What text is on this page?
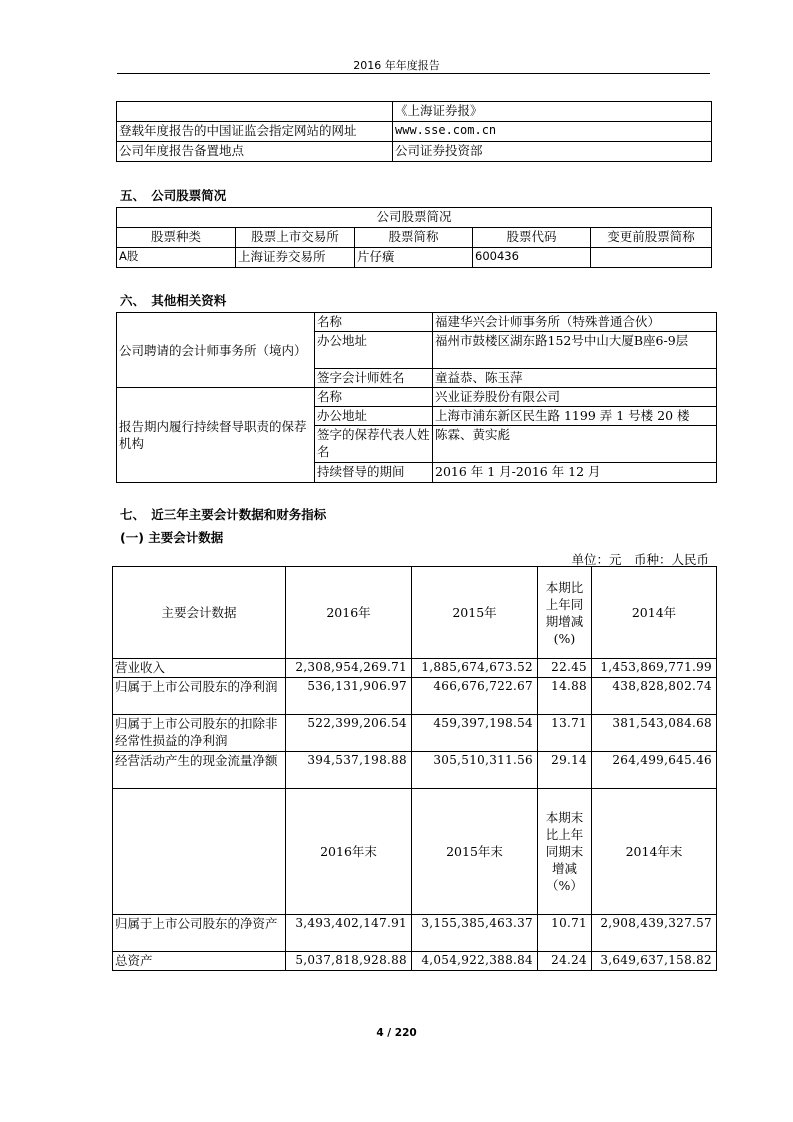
2016 年年度报告
	《上海证券报》
登载年度报告的中国证监会指定网站的网址	www.sse.com.cn
公司年度报告备置地点	公司证券投资部
五、　公司股票简况
公司股票简况				
股票种类	股票上市交易所	股票简称	股票代码	变更前股票简称
A股	上海证券交易所	片仔癀	600436	
六、　其他相关资料
公司聘请的会计师事务所（境内）	名称	福建华兴会计师事务所（特殊普通合伙）
	办公地址	福州市鼓楼区湖东路152号中山大厦B座6-9层
	签字会计师姓名	童益恭、陈玉萍
报告期内履行持续督导职责的保荐机构	名称	兴业证券股份有限公司
	办公地址	上海市浦东新区民生路 1199 弄 1 号楼 20 楼
	签字的保荐代表人姓名	陈霖、黄实彪
	持续督导的期间	2016 年 1 月-2016 年 12 月
七、　近三年主要会计数据和财务指标
(一) 主要会计数据
单位：元　币种：人民币
主要会计数据	2016年	2015年	本期比上年同期增减(%)	2014年
营业收入	2,308,954,269.71	1,885,674,673.52	22.45	1,453,869,771.99
归属于上市公司股东的净利润	536,131,906.97	466,676,722.67	14.88	438,828,802.74
归属于上市公司股东的扣除非经常性损益的净利润	522,399,206.54	459,397,198.54	13.71	381,543,084.68
经营活动产生的现金流量净额	394,537,198.88	305,510,311.56	29.14	264,499,645.46
	2016年末	2015年末	本期末比上年同期末增减（%）	2014年末
归属于上市公司股东的净资产	3,493,402,147.91	3,155,385,463.37	10.71	2,908,439,327.57
总资产	5,037,818,928.88	4,054,922,388.84	24.24	3,649,637,158.82
4 / 220
